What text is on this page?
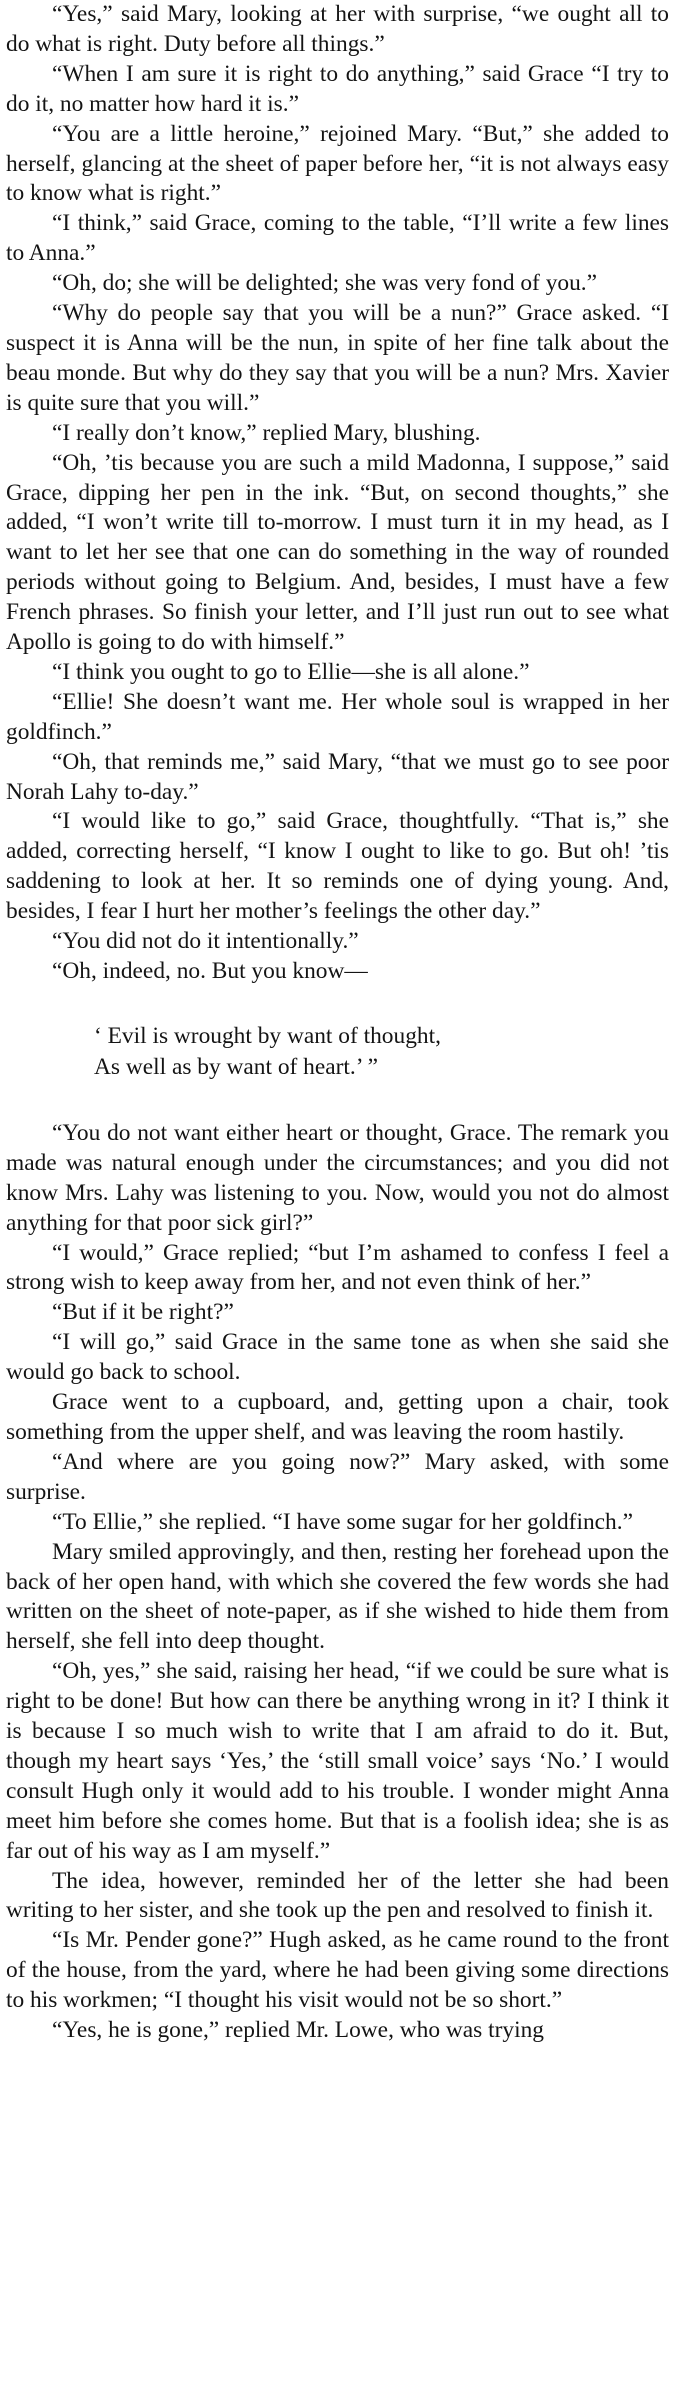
“Yes,” said Mary, looking at her with surprise, “we ought all to do what is right. Duty before all things.”

“When I am sure it is right to do anything,” said Grace “I try to do it, no matter how hard it is.”

“You are a little heroine,” rejoined Mary. “But,” she added to herself, glancing at the sheet of paper before her, “it is not always easy to know what is right.”

“I think,” said Grace, coming to the table, “I’ll write a few lines to Anna.”

“Oh, do; she will be delighted; she was very fond of you.”

“Why do people say that you will be a nun?” Grace asked. “I suspect it is Anna will be the nun, in spite of her fine talk about the beau monde. But why do they say that you will be a nun? Mrs. Xavier is quite sure that you will.”

“I really don’t know,” replied Mary, blushing.

“Oh, ’tis because you are such a mild Madonna, I suppose,” said Grace, dipping her pen in the ink. “But, on second thoughts,” she added, “I won’t write till to-morrow. I must turn it in my head, as I want to let her see that one can do something in the way of rounded periods without going to Belgium. And, besides, I must have a few French phrases. So finish your letter, and I’ll just run out to see what Apollo is going to do with himself.”

“I think you ought to go to Ellie—she is all alone.”

“Ellie! She doesn’t want me. Her whole soul is wrapped in her goldfinch.”

“Oh, that reminds me,” said Mary, “that we must go to see poor Norah Lahy to-day.”

“I would like to go,” said Grace, thoughtfully. “That is,” she added, correcting herself, “I know I ought to like to go. But oh! ’tis saddening to look at her. It so reminds one of dying young. And, besides, I fear I hurt her mother’s feelings the other day.”

“You did not do it intentionally.”

“Oh, indeed, no. But you know—

‘ Evil is wrought by want of thought,
As well as by want of heart.’ ”

“You do not want either heart or thought, Grace. The remark you made was natural enough under the circumstances; and you did not know Mrs. Lahy was listening to you. Now, would you not do almost anything for that poor sick girl?”

“I would,” Grace replied; “but I’m ashamed to confess I feel a strong wish to keep away from her, and not even think of her.”

“But if it be right?”

“I will go,” said Grace in the same tone as when she said she would go back to school.

Grace went to a cupboard, and, getting upon a chair, took something from the upper shelf, and was leaving the room hastily.

“And where are you going now?” Mary asked, with some surprise.

“To Ellie,” she replied. “I have some sugar for her goldfinch.”

Mary smiled approvingly, and then, resting her forehead upon the back of her open hand, with which she covered the few words she had written on the sheet of note-paper, as if she wished to hide them from herself, she fell into deep thought.

“Oh, yes,” she said, raising her head, “if we could be sure what is right to be done! But how can there be anything wrong in it? I think it is because I so much wish to write that I am afraid to do it. But, though my heart says ‘Yes,’ the ‘still small voice’ says ‘No.’ I would consult Hugh only it would add to his trouble. I wonder might Anna meet him before she comes home. But that is a foolish idea; she is as far out of his way as I am myself.”

The idea, however, reminded her of the letter she had been writing to her sister, and she took up the pen and resolved to finish it.

“Is Mr. Pender gone?” Hugh asked, as he came round to the front of the house, from the yard, where he had been giving some directions to his workmen; “I thought his visit would not be so short.”

“Yes, he is gone,” replied Mr. Lowe, who was trying
